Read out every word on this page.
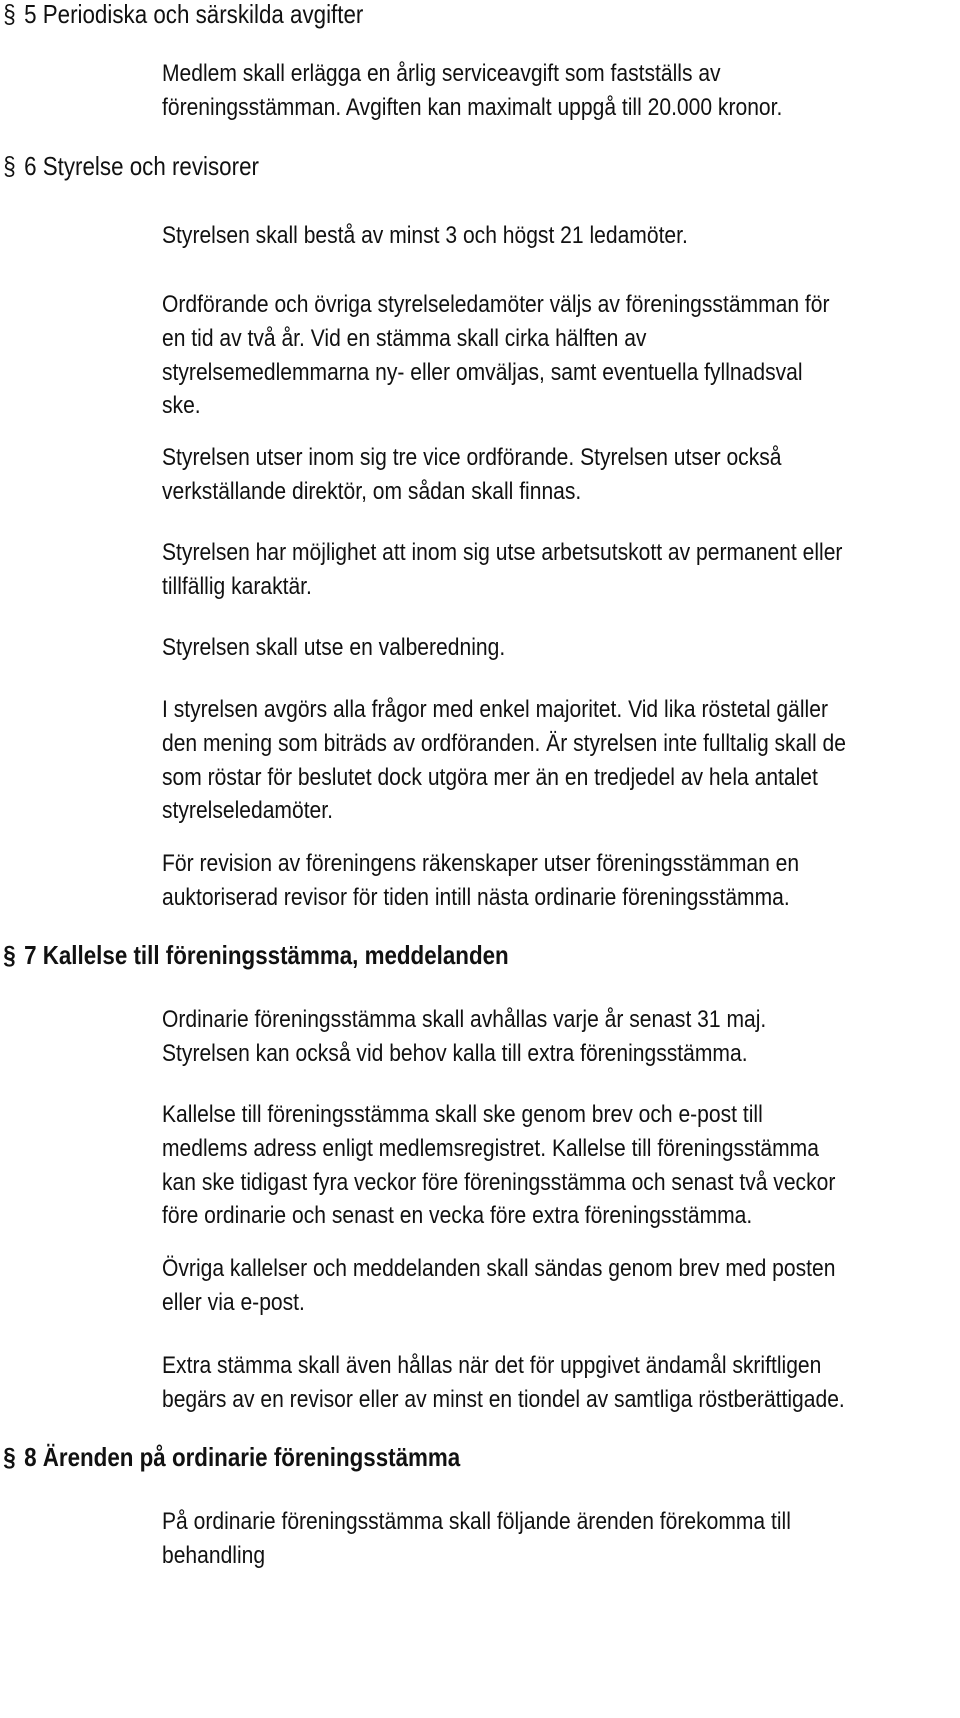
§ 5 Periodiska och särskilda avgifter

Medlem skall erlägga en årlig serviceavgift som fastställs av
föreningsstämman. Avgiften kan maximalt uppgå till 20.000 kronor.

§ 6 Styrelse och revisorer

Styrelsen skall bestå av minst 3 och högst 21 ledamöter.

Ordförande och övriga styrelseledamöter väljs av föreningsstämman för
en tid av två år. Vid en stämma skall cirka hälften av
styrelsemedlemmarna ny- eller omväljas, samt eventuella fyllnadsval
ske.

Styrelsen utser inom sig tre vice ordförande. Styrelsen utser också
verkställande direktör, om sådan skall finnas.

Styrelsen har möjlighet att inom sig utse arbetsutskott av permanent eller
tillfällig karaktär.

Styrelsen skall utse en valberedning.

I styrelsen avgörs alla frågor med enkel majoritet. Vid lika röstetal gäller
den mening som biträds av ordföranden. Är styrelsen inte fulltalig skall de
som röstar för beslutet dock utgöra mer än en tredjedel av hela antalet
styrelseledamöter.

För revision av föreningens räkenskaper utser föreningsstämman en
auktoriserad revisor för tiden intill nästa ordinarie föreningsstämma.

§ 7 Kallelse till föreningsstämma, meddelanden

Ordinarie föreningsstämma skall avhållas varje år senast 31 maj.
Styrelsen kan också vid behov kalla till extra föreningsstämma.

Kallelse till föreningsstämma skall ske genom brev och e-post till
medlems adress enligt medlemsregistret. Kallelse till föreningsstämma
kan ske tidigast fyra veckor före föreningsstämma och senast två veckor
före ordinarie och senast en vecka före extra föreningsstämma.

Övriga kallelser och meddelanden skall sändas genom brev med posten
eller via e-post.

Extra stämma skall även hållas när det för uppgivet ändamål skriftligen
begärs av en revisor eller av minst en tiondel av samtliga röstberättigade.

§ 8 Ärenden på ordinarie föreningsstämma

På ordinarie föreningsstämma skall följande ärenden förekomma till
behandling
